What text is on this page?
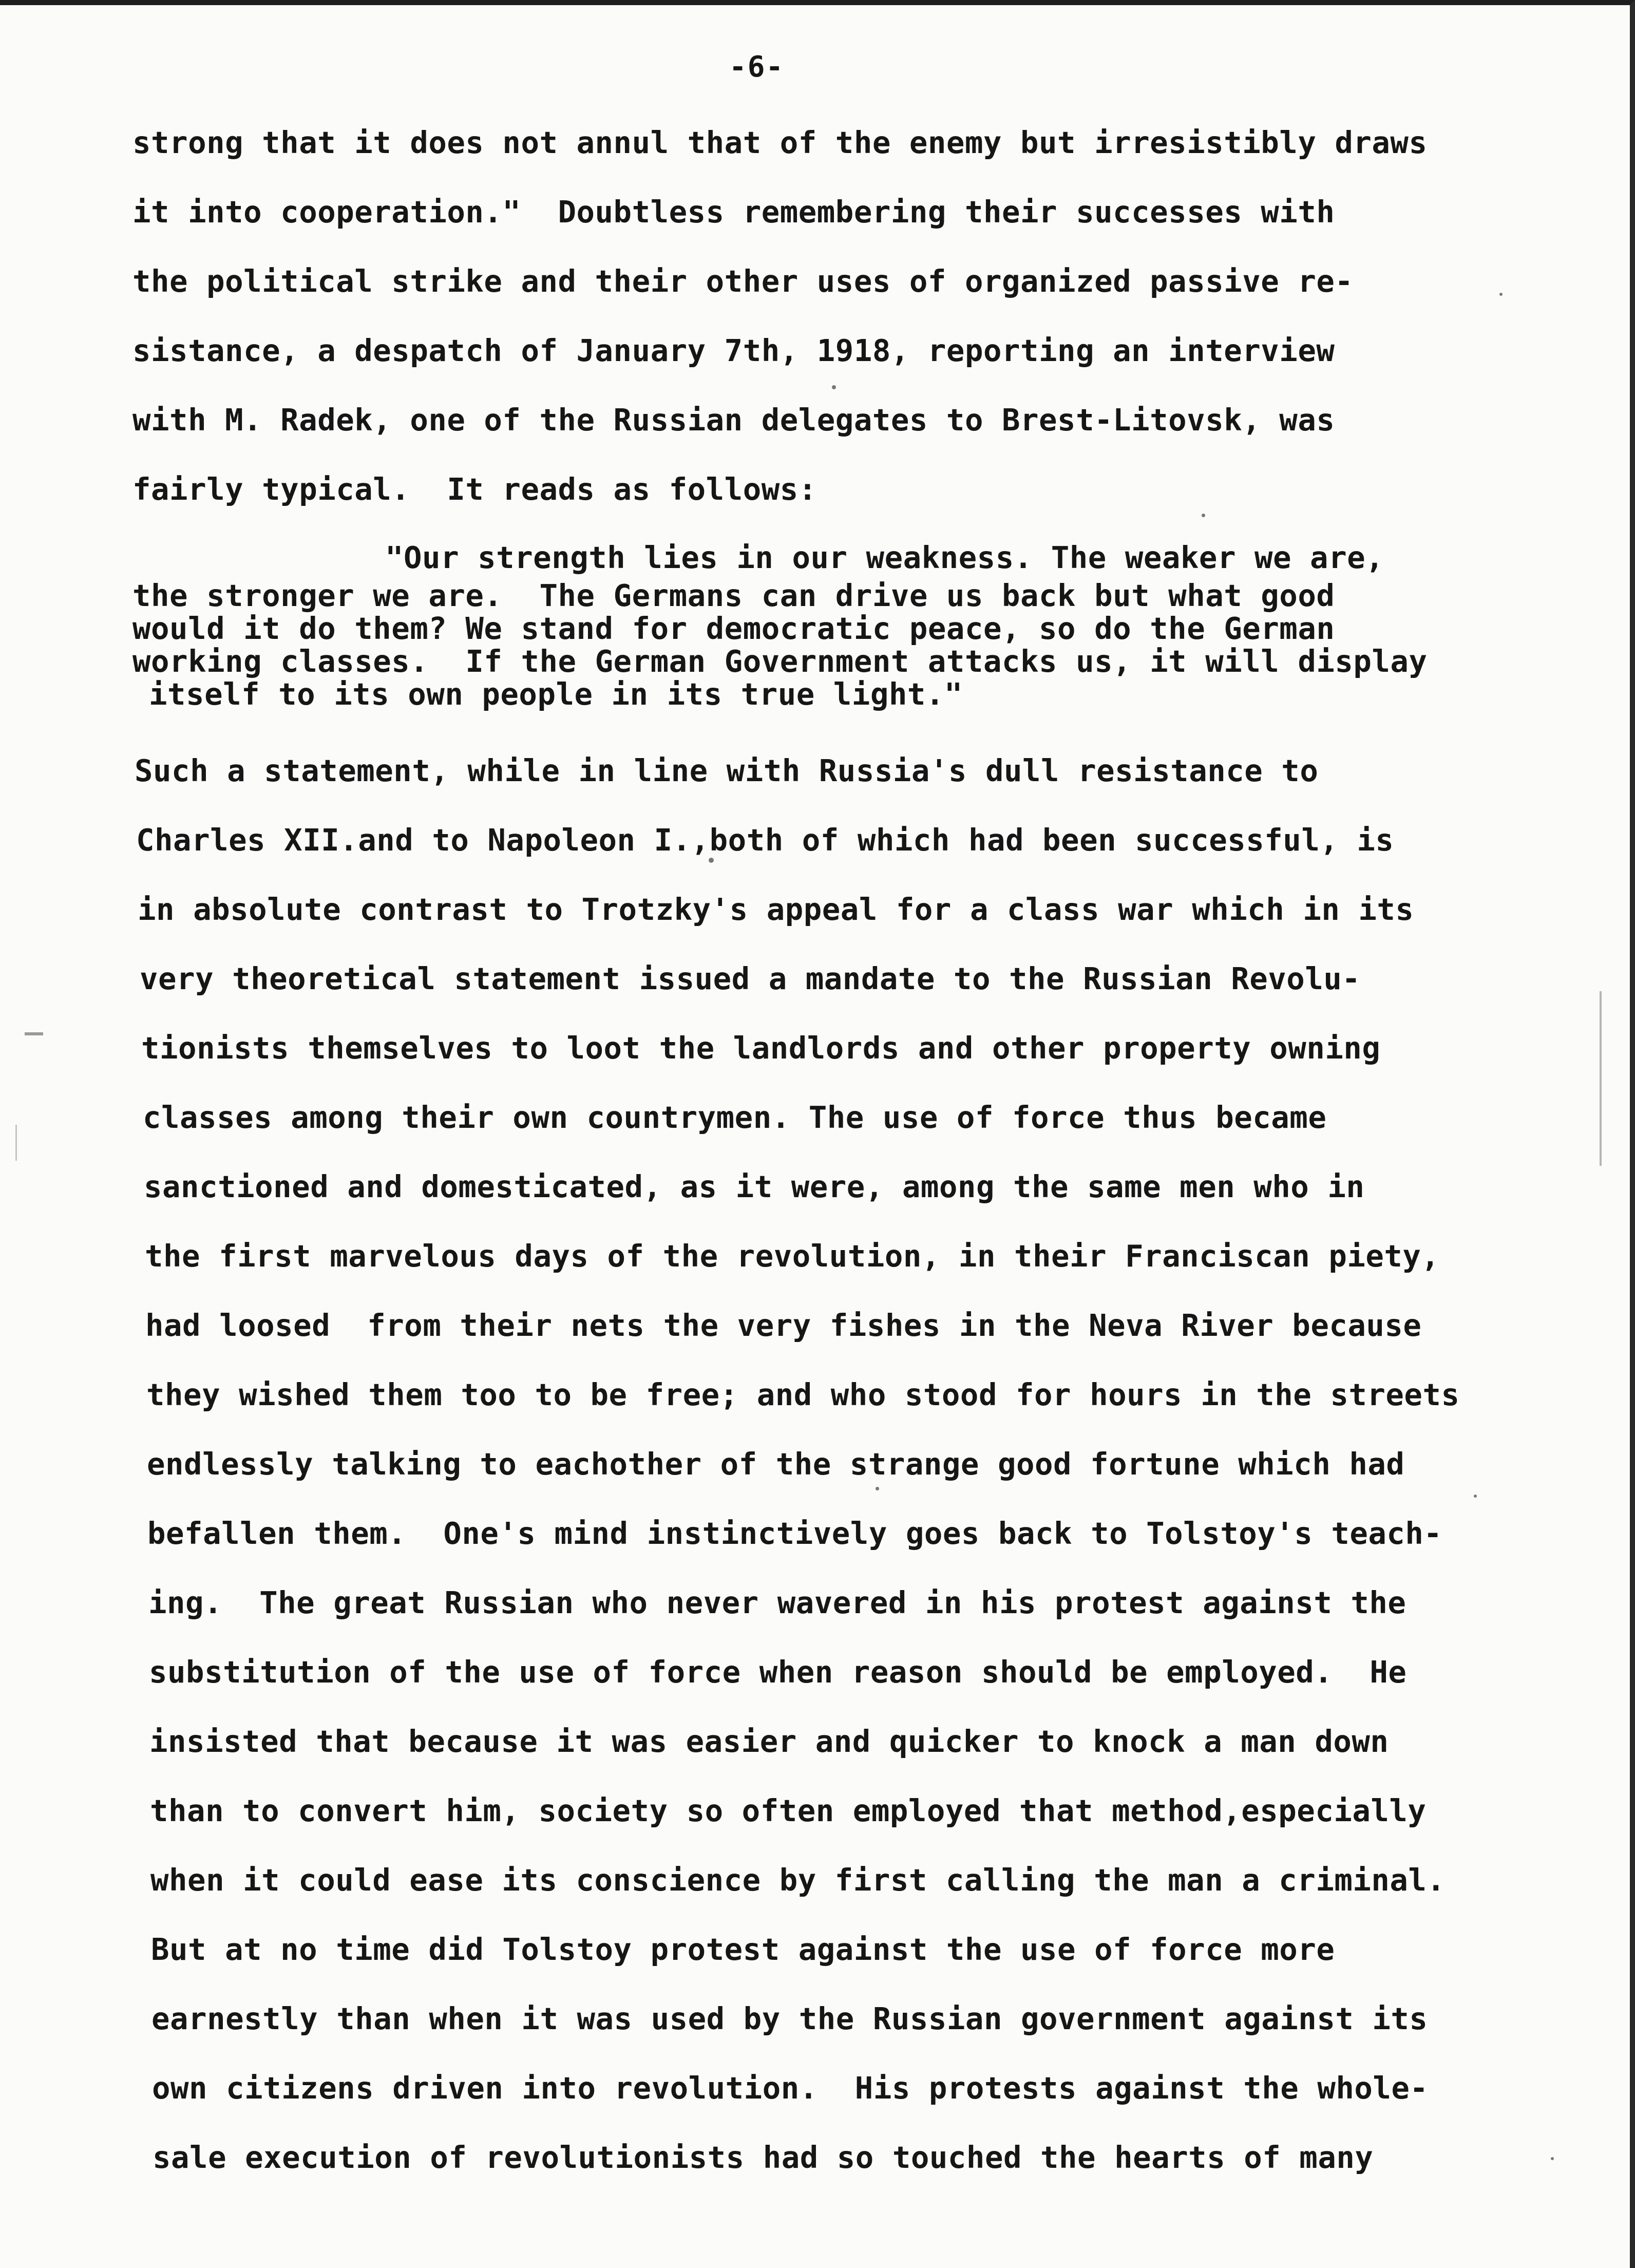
-6-
strong that it does not annul that of the enemy but irresistibly draws
it into cooperation."  Doubtless remembering their successes with
the political strike and their other uses of organized passive re-
sistance, a despatch of January 7th, 1918, reporting an interview
with M. Radek, one of the Russian delegates to Brest-Litovsk, was
fairly typical.  It reads as follows:
"Our strength lies in our weakness. The weaker we are,
the stronger we are.  The Germans can drive us back but what good
would it do them? We stand for democratic peace, so do the German
working classes.  If the German Government attacks us, it will display
itself to its own people in its true light."
Such a statement, while in line with Russia's dull resistance to
Charles XII.and to Napoleon I.,both of which had been successful, is
in absolute contrast to Trotzky's appeal for a class war which in its
very theoretical statement issued a mandate to the Russian Revolu-
tionists themselves to loot the landlords and other property owning
classes among their own countrymen. The use of force thus became
sanctioned and domesticated, as it were, among the same men who in
the first marvelous days of the revolution, in their Franciscan piety,
had loosed  from their nets the very fishes in the Neva River because
they wished them too to be free; and who stood for hours in the streets
endlessly talking to eachother of the strange good fortune which had
befallen them.  One's mind instinctively goes back to Tolstoy's teach-
ing.  The great Russian who never wavered in his protest against the
substitution of the use of force when reason should be employed.  He
insisted that because it was easier and quicker to knock a man down
than to convert him, society so often employed that method,especially
when it could ease its conscience by first calling the man a criminal.
But at no time did Tolstoy protest against the use of force more
earnestly than when it was used by the Russian government against its
own citizens driven into revolution.  His protests against the whole-
sale execution of revolutionists had so touched the hearts of many
